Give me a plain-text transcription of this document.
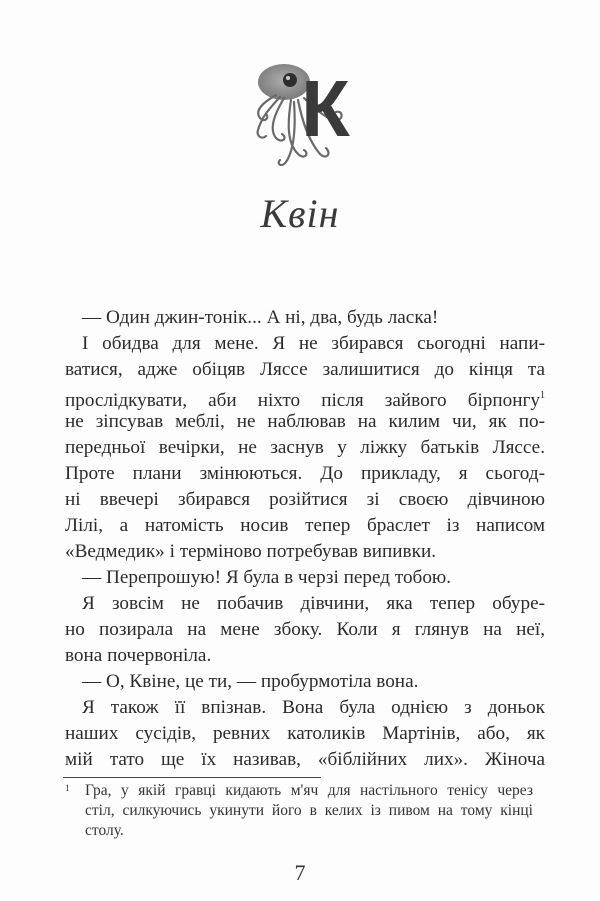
К
Квін
— Один джин-тонік... А ні, два, будь ласка!
І обидва для мене. Я не збирався сьогодні напи-
ватися, адже обіцяв Ляссе залишитися до кінця та
прослідкувати, аби ніхто після зайвого бірпонгу$^1$
не зіпсував меблі, не наблював на килим чи, як по-
передньої вечірки, не заснув у ліжку батьків Ляссе.
Проте плани змінюються. До прикладу, я сьогод-
ні ввечері збирався розійтися зі своєю дівчиною
Лілі, а натомість носив тепер браслет із написом
«Ведмедик» і терміново потребував випивки.
— Перепрошую! Я була в черзі перед тобою.
Я зовсім не побачив дівчини, яка тепер обуре-
но позирала на мене збоку. Коли я глянув на неї,
вона почервоніла.
— О, Квіне, це ти, — пробурмотіла вона.
Я також її впізнав. Вона була однією з доньок
наших сусідів, ревних католиків Мартінів, або, як
мій тато ще їх називав, «біблійних лих». Жіноча
1 Гра, у якій гравці кидають м'яч для настільного тенісу через
стіл, силкуючись укинути його в келих із пивом на тому кінці
столу.
7
